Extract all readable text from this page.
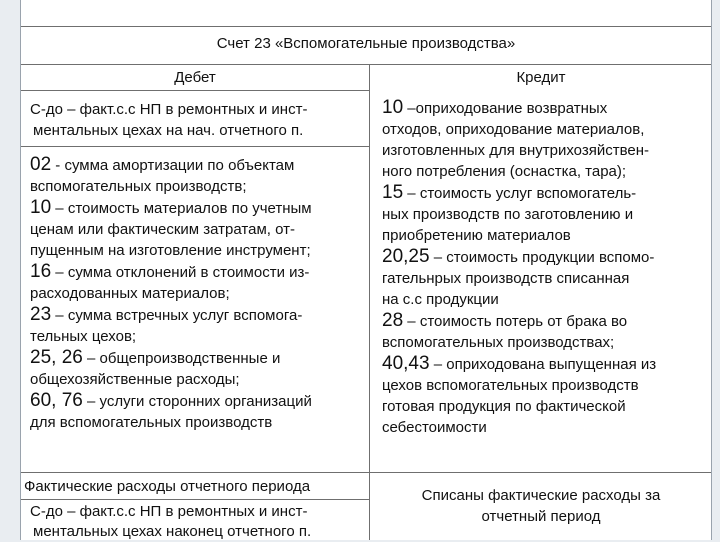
Счет 23 «Вспомогательные производства»
Дебет	Кредит
С-до – факт.с.с НП в ремонтных и инст-
ментальных цехах на нач. отчетного п.
02 - сумма амортизации по объектам
вспомогательных производств;
10 – стоимость материалов по учетным
ценам или фактическим затратам, от-
пущенным на изготовление инструмент;
16 – сумма отклонений в стоимости из-
расходованных материалов;
23 – сумма встречных услуг вспомога-
тельных цехов;
25, 26 – общепроизводственные и
общехозяйственные расходы;
60, 76 – услуги сторонних организаций
для вспомогательных производств
10 –оприходование возвратных
отходов, оприходование материалов,
изготовленных для внутрихозяйствен-
ного потребления (оснастка, тара);
15 – стоимость услуг вспомогатель-
ных производств по заготовлению и
приобретению материалов
20,25 – стоимость продукции вспомо-
гательнрых производств списанная
на с.с продукции
28 – стоимость потерь от брака во
вспомогательных производствах;
40,43 – оприходована выпущенная из
цехов вспомогательных производств
готовая продукция по фактической
себестоимости
Фактические расходы отчетного периода
С-до – факт.с.с НП в ремонтных и инст-
ментальных цехах наконец отчетного п.
Списаны фактические расходы за
отчетный период
